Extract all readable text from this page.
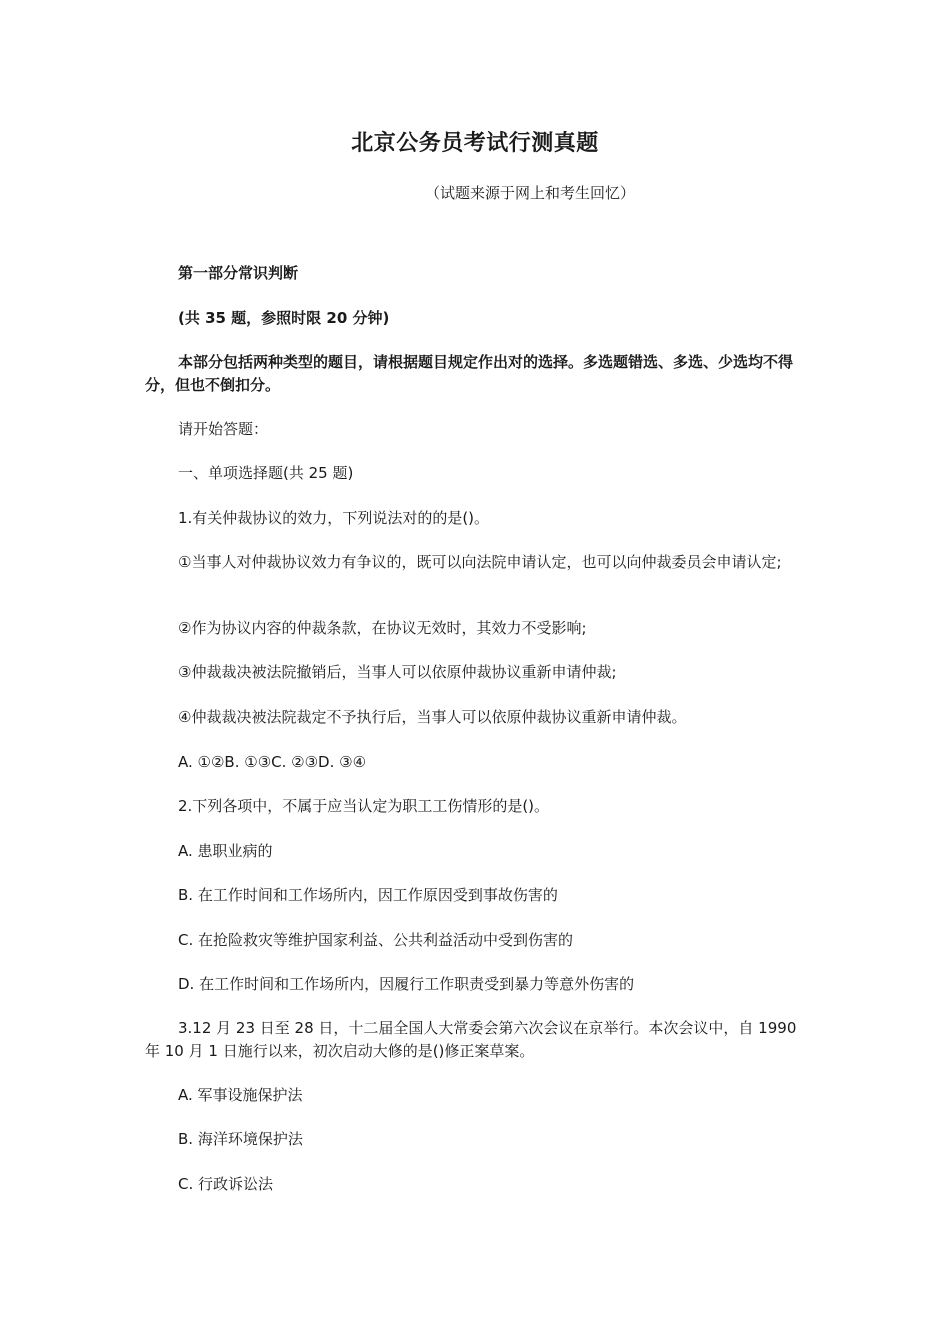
北京公务员考试行测真题
（试题来源于网上和考生回忆）
第一部分常识判断
(共 35 题，参照时限 20 分钟)
本部分包括两种类型的题目，请根据题目规定作出对的选择。多选题错选、多选、少选均不得分，但也不倒扣分。
请开始答题：
一、单项选择题(共 25 题)
1.有关仲裁协议的效力，下列说法对的的是()。
①当事人对仲裁协议效力有争议的，既可以向法院申请认定，也可以向仲裁委员会申请认定;
②作为协议内容的仲裁条款，在协议无效时，其效力不受影响;
③仲裁裁决被法院撤销后，当事人可以依原仲裁协议重新申请仲裁;
④仲裁裁决被法院裁定不予执行后，当事人可以依原仲裁协议重新申请仲裁。
A. ①②B. ①③C. ②③D. ③④
2.下列各项中，不属于应当认定为职工工伤情形的是()。
A. 患职业病的
B. 在工作时间和工作场所内，因工作原因受到事故伤害的
C. 在抢险救灾等维护国家利益、公共利益活动中受到伤害的
D. 在工作时间和工作场所内，因履行工作职责受到暴力等意外伤害的
3.12 月 23 日至 28 日，十二届全国人大常委会第六次会议在京举行。本次会议中，自 1990 年 10 月 1 日施行以来，初次启动大修的是()修正案草案。
A. 军事设施保护法
B. 海洋环境保护法
C. 行政诉讼法
